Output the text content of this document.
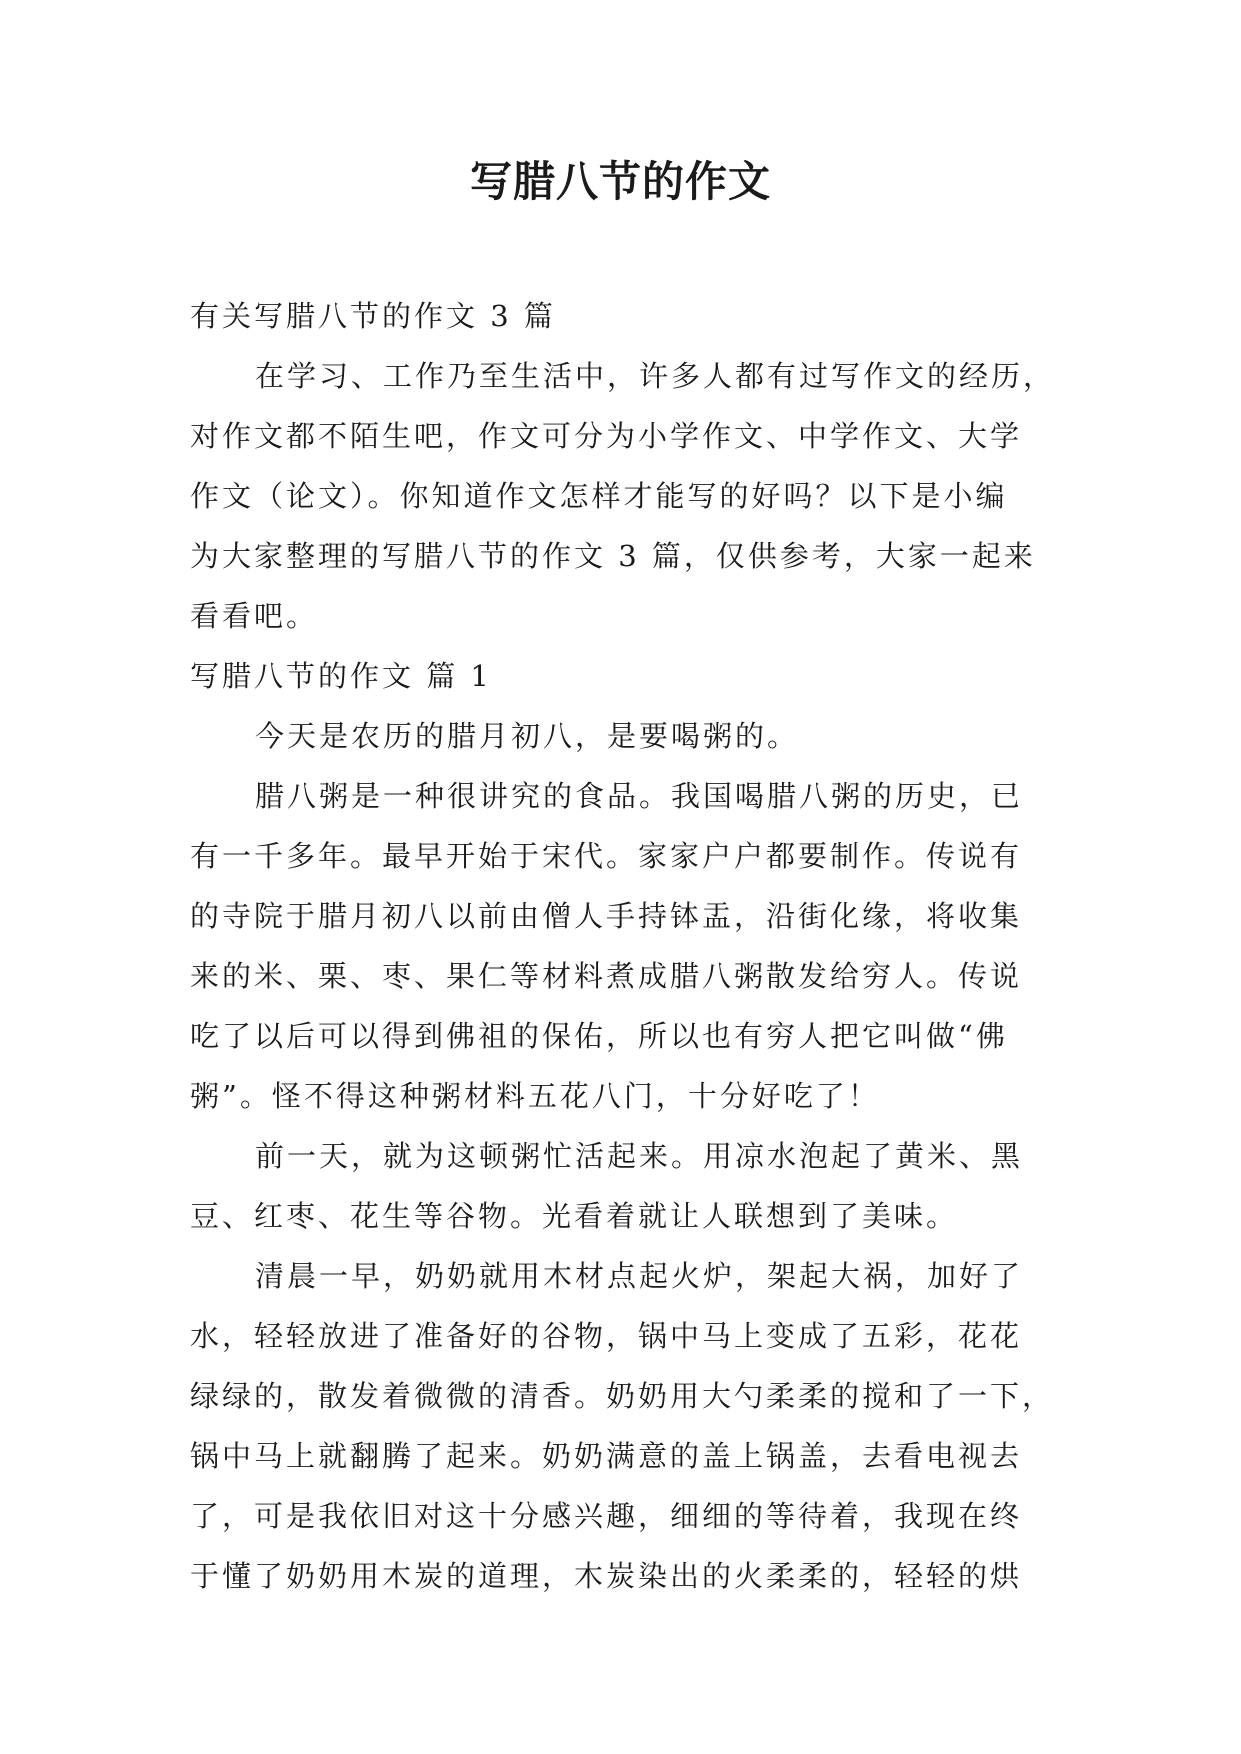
写腊八节的作文
有关写腊八节的作文 3 篇
在学习、工作乃至生活中，许多人都有过写作文的经历，
对作文都不陌生吧，作文可分为小学作文、中学作文、大学
作文（论文）。你知道作文怎样才能写的好吗？以下是小编
为大家整理的写腊八节的作文 3 篇，仅供参考，大家一起来
看看吧。
写腊八节的作文 篇 1
今天是农历的腊月初八，是要喝粥的。
腊八粥是一种很讲究的食品。我国喝腊八粥的历史，已
有一千多年。最早开始于宋代。家家户户都要制作。传说有
的寺院于腊月初八以前由僧人手持钵盂，沿街化缘，将收集
来的米、栗、枣、果仁等材料煮成腊八粥散发给穷人。传说
吃了以后可以得到佛祖的保佑，所以也有穷人把它叫做“佛
粥”。怪不得这种粥材料五花八门，十分好吃了！
前一天，就为这顿粥忙活起来。用凉水泡起了黄米、黑
豆、红枣、花生等谷物。光看着就让人联想到了美味。
清晨一早，奶奶就用木材点起火炉，架起大祸，加好了
水，轻轻放进了准备好的谷物，锅中马上变成了五彩，花花
绿绿的，散发着微微的清香。奶奶用大勺柔柔的搅和了一下，
锅中马上就翻腾了起来。奶奶满意的盖上锅盖，去看电视去
了，可是我依旧对这十分感兴趣，细细的等待着，我现在终
于懂了奶奶用木炭的道理，木炭染出的火柔柔的，轻轻的烘
